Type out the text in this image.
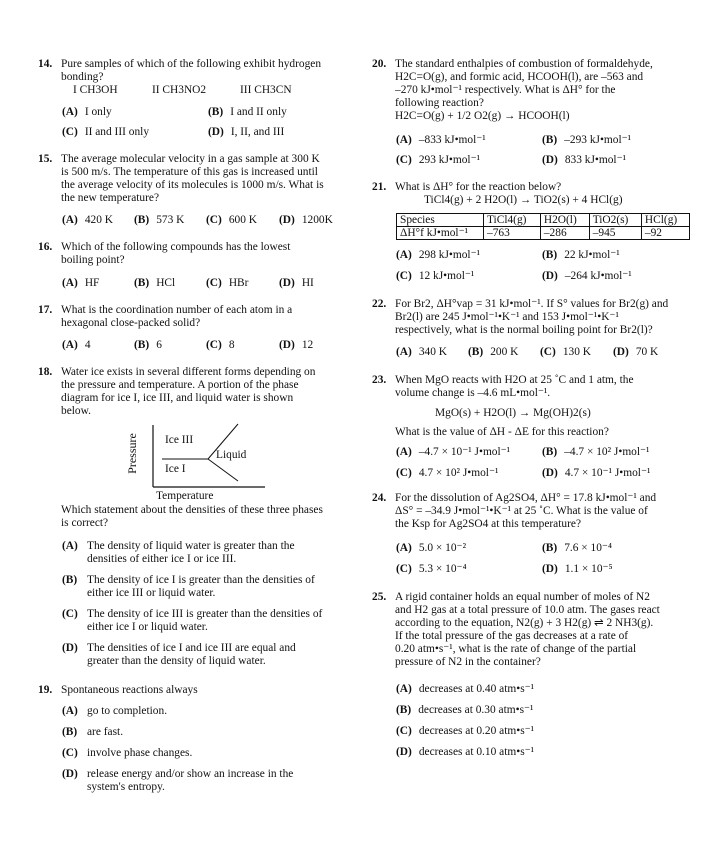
14. Pure samples of which of the following exhibit hydrogen
bonding?
I CH3OH	II CH3NO2	III CH3CN
(A) I only	(B) I and II only
(C) II and III only	(D) I, II, and III
15. The average molecular velocity in a gas sample at 300 K
is 500 m/s. The temperature of this gas is increased until
the average velocity of its molecules is 1000 m/s. What is
the new temperature?
(A) 420 K (B) 573 K (C) 600 K (D) 1200K
16. Which of the following compounds has the lowest
boiling point?
(A) HF	(B) HCl	(C) HBr	(D) HI
17. What is the coordination number of each atom in a
hexagonal close-packed solid?
(A) 4	(B) 6	(C) 8	(D) 12
18. Water ice exists in several different forms depending on
the pressure and temperature. A portion of the phase
diagram for ice I, ice III, and liquid water is shown
below.
Pressure Ice III
Ice I
Liquid
Temperature
Which statement about the densities of these three phases
is correct?
(A) The density of liquid water is greater than the
densities of either ice I or ice III.
(B) The density of ice I is greater than the densities of
either ice III or liquid water.
(C) The density of ice III is greater than the densities of
either ice I or liquid water.
(D) The densities of ice I and ice III are equal and
greater than the density of liquid water.
19. Spontaneous reactions always
(A) go to completion.
(B) are fast.
(C) involve phase changes.
(D) release energy and/or show an increase in the
system's entropy.
20. The standard enthalpies of combustion of formaldehyde,
H2C=O(g), and formic acid, HCOOH(l), are –563 and
–270 kJ•mol⁻¹ respectively. What is ΔH° for the
following reaction?
H2C=O(g) + 1/2 O2(g) → HCOOH(l)
(A) –833 kJ•mol⁻¹	(B) –293 kJ•mol⁻¹
(C) 293 kJ•mol⁻¹	(D) 833 kJ•mol⁻¹
21. What is ΔH° for the reaction below?
TiCl4(g) + 2 H2O(l) → TiO2(s) + 4 HCl(g)
Species	TiCl4(g)	H2O(l)	TiO2(s)	HCl(g)
ΔH°f kJ•mol⁻¹	–763	–286	–945	–92
(A) 298 kJ•mol⁻¹	(B) 22 kJ•mol⁻¹
(C) 12 kJ•mol⁻¹	(D) –264 kJ•mol⁻¹
22. For Br2, ΔH°vap = 31 kJ•mol⁻¹. If S° values for Br2(g) and
Br2(l) are 245 J•mol⁻¹•K⁻¹ and 153 J•mol⁻¹•K⁻¹
respectively, what is the normal boiling point for Br2(l)?
(A) 340 K (B) 200 K (C) 130 K (D) 70 K
23. When MgO reacts with H2O at 25 ˚C and 1 atm, the
volume change is –4.6 mL•mol⁻¹.
MgO(s) + H2O(l) → Mg(OH)2(s)
What is the value of ΔH - ΔE for this reaction?
(A) –4.7 × 10⁻¹ J•mol⁻¹	(B) –4.7 × 10² J•mol⁻¹
(C) 4.7 × 10² J•mol⁻¹	(D) 4.7 × 10⁻¹ J•mol⁻¹
24. For the dissolution of Ag2SO4, ΔH° = 17.8 kJ•mol⁻¹ and
ΔS° = –34.9 J•mol⁻¹•K⁻¹ at 25 ˚C. What is the value of
the Ksp for Ag2SO4 at this temperature?
(A) 5.0 × 10⁻²	(B) 7.6 × 10⁻⁴
(C) 5.3 × 10⁻⁴	(D) 1.1 × 10⁻⁵
25. A rigid container holds an equal number of moles of N2
and H2 gas at a total pressure of 10.0 atm. The gases react
according to the equation, N2(g) + 3 H2(g) ⇌ 2 NH3(g).
If the total pressure of the gas decreases at a rate of
0.20 atm•s⁻¹, what is the rate of change of the partial
pressure of N2 in the container?
(A) decreases at 0.40 atm•s⁻¹
(B) decreases at 0.30 atm•s⁻¹
(C) decreases at 0.20 atm•s⁻¹
(D) decreases at 0.10 atm•s⁻¹
